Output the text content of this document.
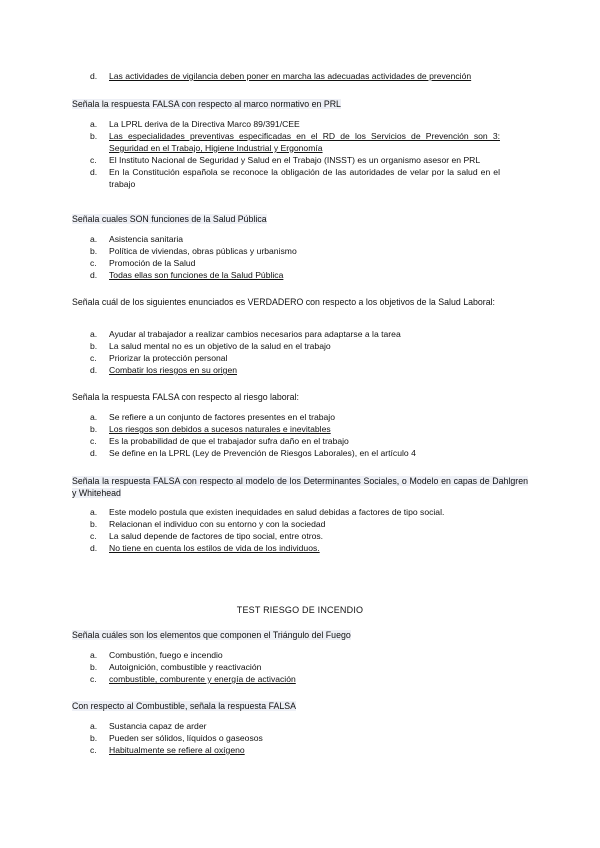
d.	Las actividades de vigilancia deben poner en marcha las adecuadas actividades de prevención
Señala la respuesta FALSA con respecto al marco normativo en PRL
a.	La LPRL deriva de la Directiva Marco 89/391/CEE
b.	Las especialidades preventivas especificadas en el RD de los Servicios de Prevención son 3: Seguridad en el Trabajo, Higiene Industrial y Ergonomía
c.	El Instituto Nacional de Seguridad y Salud en el Trabajo (INSST) es un organismo asesor en PRL
d.	En la Constitución española se reconoce la obligación de las autoridades de velar por la salud en el trabajo
Señala cuales SON funciones de la Salud Pública
a.	Asistencia sanitaria
b.	Política de viviendas, obras públicas y urbanismo
c.	Promoción de la Salud
d.	Todas ellas son funciones de la Salud Pública
Señala cuál de los siguientes enunciados es VERDADERO con respecto a los objetivos de la Salud Laboral:
a.	Ayudar al trabajador a realizar cambios necesarios para adaptarse a la tarea
b.	La salud mental no es un objetivo de la salud en el trabajo
c.	Priorizar la protección personal
d.	Combatir los riesgos en su origen
Señala la respuesta FALSA con respecto al riesgo laboral:
a.	Se refiere a un conjunto de factores presentes en el trabajo
b.	Los riesgos son debidos a sucesos naturales e inevitables
c.	Es la probabilidad de que el trabajador sufra daño en el trabajo
d.	Se define en la LPRL (Ley de Prevención de Riesgos Laborales), en el artículo 4
Señala la respuesta FALSA con respecto al modelo de los Determinantes Sociales, o Modelo en capas de Dahlgren y Whitehead
a.	Este modelo postula que existen inequidades en salud debidas a factores de tipo social.
b.	Relacionan el individuo con su entorno y con la sociedad
c.	La salud depende de factores de tipo social, entre otros.
d.	No tiene en cuenta los estilos de vida de los individuos.
TEST RIESGO DE INCENDIO
Señala cuáles son los elementos que componen el Triángulo del Fuego
a.	Combustión, fuego e incendio
b.	Autoignición, combustible y reactivación
c.	combustible, comburente y energía de activación
Con respecto al Combustible, señala la respuesta FALSA
a.	Sustancia capaz de arder
b.	Pueden ser sólidos, líquidos o gaseosos
c.	Habitualmente se refiere al oxígeno
